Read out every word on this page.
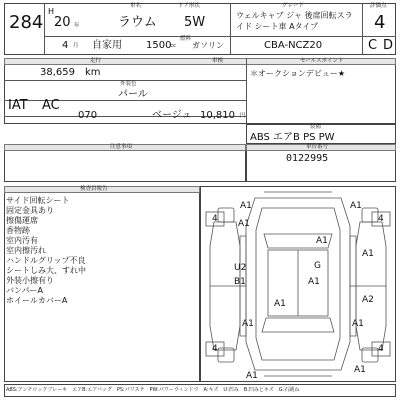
284
H
20 年
4 月
車名
ラウム
ドア形状
5W
自家用 1500
cc
燃料
ガソリン
グレード
ウェルキャブ ジャ 後席回転スラ
イド シート車 Aタイプ
CBA-NCZ20
評価点
4
C D
走行
38,659 km
車検
IAT AC
外装色
パール
070	ベージュ 10,810 円
セールスポイント
＊オークションデビュー★
注意事項
装備
ABS エアB PS PW
車台番号
0122995
検査員報告
サイド回転シート
固定金具あり
擦傷運席
香物跡
室内汚有
室内擦汚れ
ハンドルグリップ不良
シートしみ大、すれ中
外装小擦有り
バンパーA
ホイールカバーA
4	4
4	4
A1	A1
A1
A1
G
A1
U2
B1	A1
A2
A1
A1	A1
A1
A1
ABS:アンチロックブレーキ　エアB:エアバッグ　PS:パワステ　PW:パワーウィンドウ　A:キズ　U:凹み　B:凹みとキズ　G:石跳ね
